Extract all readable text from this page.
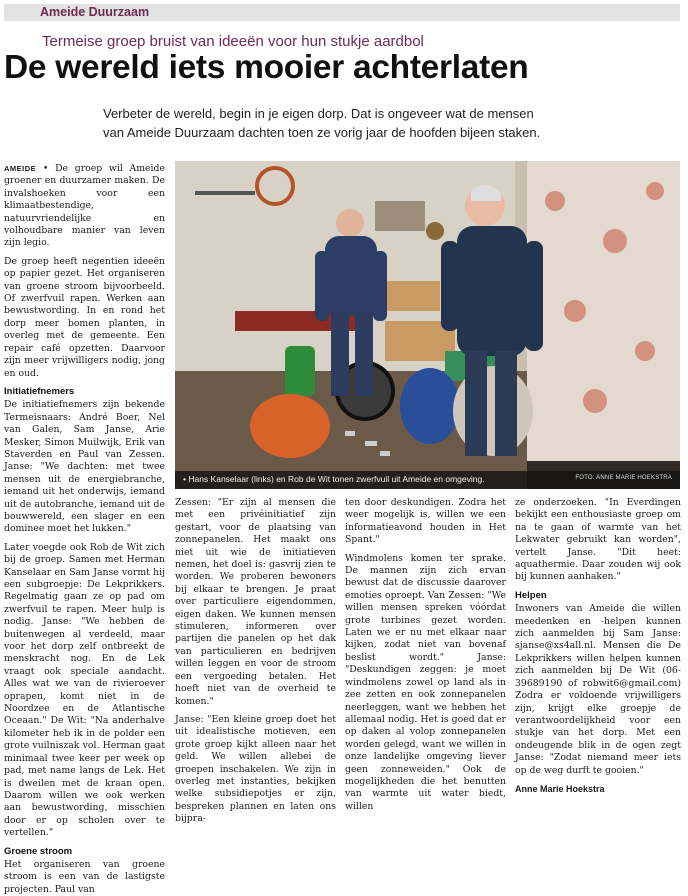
Ameide Duurzaam
Termeise groep bruist van ideeën voor hun stukje aardbol
De wereld iets mooier achterlaten
Verbeter de wereld, begin in je eigen dorp. Dat is ongeveer wat de mensen van Ameide Duurzaam dachten toen ze vorig jaar de hoofden bijeen staken.
• Hans Kanselaar (links) en Rob de Wit tonen zwerfvuil uit Ameide en omgeving.	FOTO: ANNE MARIE HOEKSTRA

AMEIDE • De groep wil Ameide groener en duurzamer maken. De invalshoeken voor een klimaatbestendige, natuurvriendelijke en volhoudbare manier van leven zijn legio.

De groep heeft negentien ideeën op papier gezet. Het organiseren van groene stroom bijvoorbeeld. Of zwerfvuil rapen. Werken aan bewustwording. In en rond het dorp meer bomen planten, in overleg met de gemeente. Een repair café opzetten. Daarvoor zijn meer vrijwilligers nodig, jong en oud.

Initiatiefnemers

De initiatiefnemers zijn bekende Termeisnaars: André Boer, Nel van Galen, Sam Janse, Arie Mesker, Simon Muilwijk, Erik van Staverden en Paul van Zessen. Janse: "We dachten: met twee mensen uit de energiebranche, iemand uit het onderwijs, iemand uit de autobranche, iemand uit de bouwwereld, een slager en een dominee moet het lukken."

Later voegde ook Rob de Wit zich bij de groep. Samen met Herman Kanselaar en Sam Janse vormt hij een subgroepje: De Lekprikkers. Regelmatig gaan ze op pad om zwerfvuil te rapen. Meer hulp is nodig. Janse: "We hebben de buitenwegen al verdeeld, maar voor het dorp zelf ontbreekt de menskracht nog. En de Lek vraagt ook speciale aandacht. Alles wat we van de rivieroever oprapen, komt niet in de Noordzee en de Atlantische Oceaan." De Wit: "Na anderhalve kilometer heb ik in de polder een grote vuilniszak vol. Herman gaat minimaal twee keer per week op pad, met name langs de Lek. Het is dweilen met de kraan open. Daarom willen we ook werken aan bewustwording, misschien door er op scholen over te vertellen."

Groene stroom

Het organiseren van groene stroom is een van de lastigste projecten. Paul van

Zessen: "Er zijn al mensen die met een privéinitiatief zijn gestart, voor de plaatsing van zonnepanelen. Het maakt ons niet uit wie de initiatieven nemen, het doel is: gasvrij zien te worden. We proberen bewoners bij elkaar te brengen. Je praat over particuliere eigendommen, eigen daken. We kunnen mensen stimuleren, informeren over partijen die panelen op het dak van particulieren en bedrijven willen leggen en voor de stroom een vergoeding betalen. Het hoeft niet van de overheid te komen."

Janse: "Een kleine groep doet het uit idealistische motieven, een grote groep kijkt alleen naar het geld. We willen allebei de groepen inschakelen. We zijn in overleg met instanties, bekijken welke subsidiepotjes er zijn, bespreken plannen en laten ons bijpra-

ten door deskundigen. Zodra het weer mogelijk is, willen we een informatieavond houden in Het Spant."

Windmolens komen ter sprake. De mannen zijn zich ervan bewust dat de discussie daarover emoties oproept. Van Zessen: "We willen mensen spreken vóórdat grote turbines gezet worden. Laten we er nu met elkaar naar kijken, zodat niet van bovenaf beslist wordt." Janse: "Deskundigen zeggen: je moet windmolens zowel op land als in zee zetten en ook zonnepanelen neerleggen, want we hebben het allemaal nodig. Het is goed dat er op daken al volop zonnepanelen worden gelegd, want we willen in onze landelijke omgeving liever geen zonneweiden." Ook de mogelijkheden die het benutten van warmte uit water biedt, willen

ze onderzoeken. "In Everdingen bekijkt een enthousiaste groep om na te gaan of warmte van het Lekwater gebruikt kan worden", vertelt Janse. "Dit heet: aquathermie. Daar zouden wij ook bij kunnen aanhaken."

Helpen

Inwoners van Ameide die willen meedenken en -helpen kunnen zich aanmelden bij Sam Janse: sjanse@xs4all.nl. Mensen die De Lekprikkers willen helpen kunnen zich aanmelden bij De Wit (06-39689190 of robwit6@gmail.com) Zodra er voldoende vrijwilligers zijn, krijgt elke groepje de verantwoordelijkheid voor een stukje van het dorp. Met een ondeugende blik in de ogen zegt Janse: "Zodat niemand meer iets op de weg durft te gooien."

Anne Marie Hoekstra
